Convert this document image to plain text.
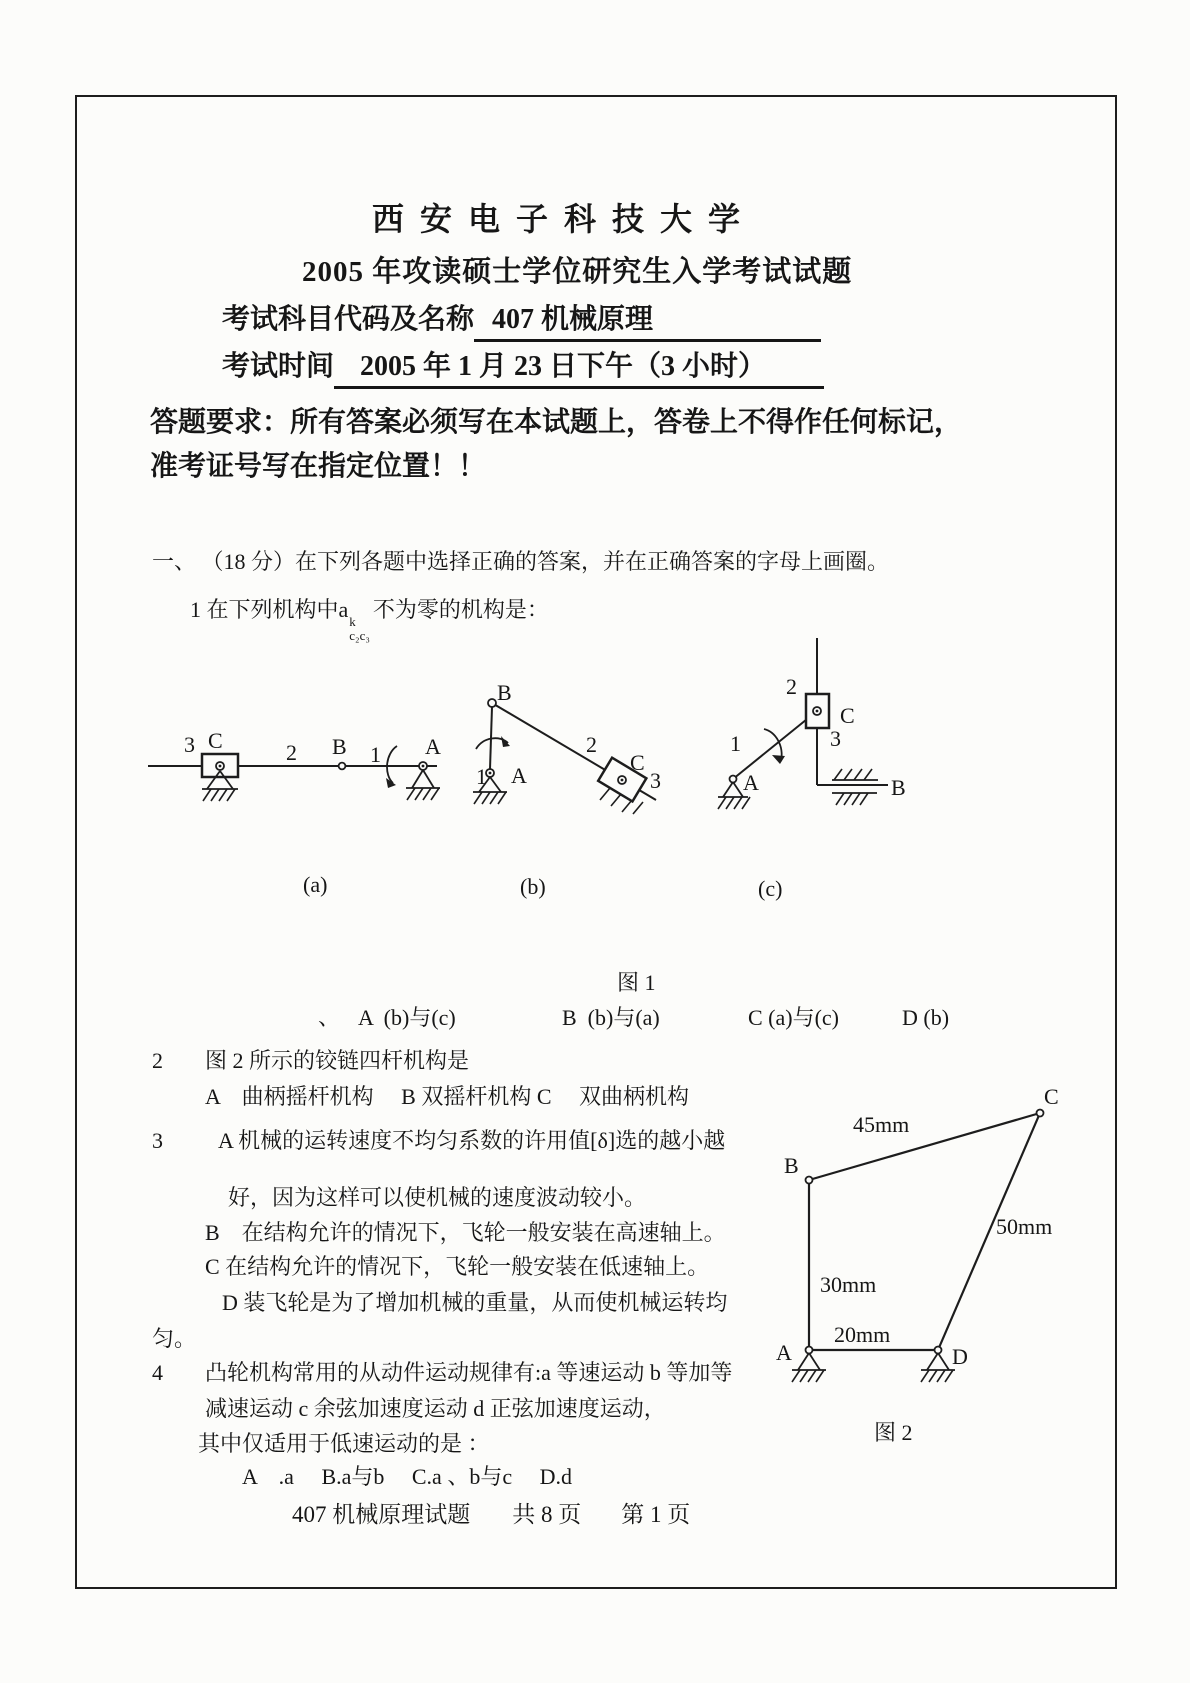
西 安 电 子 科 技 大 学
2005 年攻读硕士学位研究生入学考试试题
考试科目代码及名称 407 机械原理
考试时间 2005 年 1 月 23 日下午（3 小时）
答题要求：所有答案必须写在本试题上，答卷上不得作任何标记，
准考证号写在指定位置！！
一、 （18 分）在下列各题中选择正确的答案，并在正确答案的字母上画圈。
1 在下列机构中a k
c₂c₃
不为零的机构是：
3 C	2 B 1 A
B
1 A
2
C
3
2
C
3
1
A	B
(a)	(b)	(c)
图 1
、 A  (b)与(c)	B  (b)与(a)	C (a)与(c)	D (b)
2 图 2 所示的铰链四杆机构是
A　曲柄摇杆机构　 B 双摇杆机构 C　 双曲柄机构
3	A 机械的运转速度不均匀系数的许用值[δ]选的越小越
好，因为这样可以使机械的速度波动较小。
B　在结构允许的情况下，飞轮一般安装在高速轴上。
C 在结构允许的情况下，飞轮一般安装在低速轴上。
D 装飞轮是为了增加机械的重量，从而使机械运转均
匀。
4 凸轮机构常用的从动件运动规律有:a 等速运动 b 等加等
减速运动 c 余弦加速度运动 d 正弦加速度运动，
其中仅适用于低速运动的是 ：
A　.a　 B.a与b　 C.a 、b与c　 D.d
B
C
A	D
45mm
50mm
30mm
20mm
图 2
407 机械原理试题 共 8 页 第 1 页
